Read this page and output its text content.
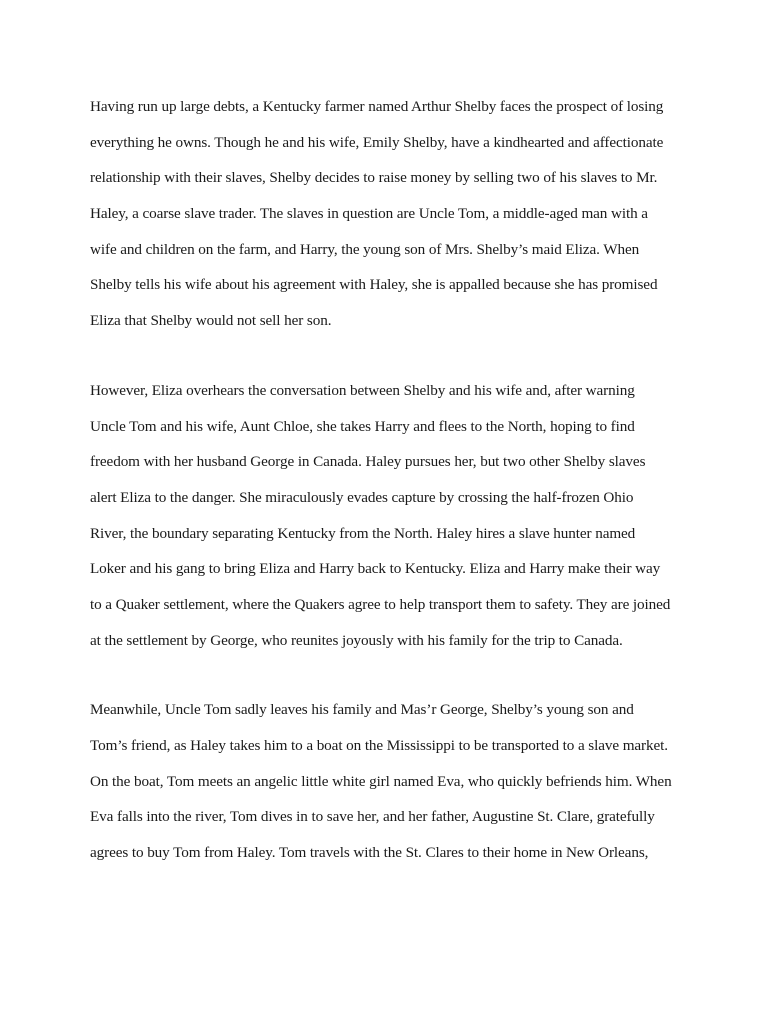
Having run up large debts, a Kentucky farmer named Arthur Shelby faces the prospect of losing
everything he owns. Though he and his wife, Emily Shelby, have a kindhearted and affectionate
relationship with their slaves, Shelby decides to raise money by selling two of his slaves to Mr.
Haley, a coarse slave trader. The slaves in question are Uncle Tom, a middle-aged man with a
wife and children on the farm, and Harry, the young son of Mrs. Shelby’s maid Eliza. When
Shelby tells his wife about his agreement with Haley, she is appalled because she has promised
Eliza that Shelby would not sell her son.
However, Eliza overhears the conversation between Shelby and his wife and, after warning
Uncle Tom and his wife, Aunt Chloe, she takes Harry and flees to the North, hoping to find
freedom with her husband George in Canada. Haley pursues her, but two other Shelby slaves
alert Eliza to the danger. She miraculously evades capture by crossing the half-frozen Ohio
River, the boundary separating Kentucky from the North. Haley hires a slave hunter named
Loker and his gang to bring Eliza and Harry back to Kentucky. Eliza and Harry make their way
to a Quaker settlement, where the Quakers agree to help transport them to safety. They are joined
at the settlement by George, who reunites joyously with his family for the trip to Canada.
Meanwhile, Uncle Tom sadly leaves his family and Mas’r George, Shelby’s young son and
Tom’s friend, as Haley takes him to a boat on the Mississippi to be transported to a slave market.
On the boat, Tom meets an angelic little white girl named Eva, who quickly befriends him. When
Eva falls into the river, Tom dives in to save her, and her father, Augustine St. Clare, gratefully
agrees to buy Tom from Haley. Tom travels with the St. Clares to their home in New Orleans,
